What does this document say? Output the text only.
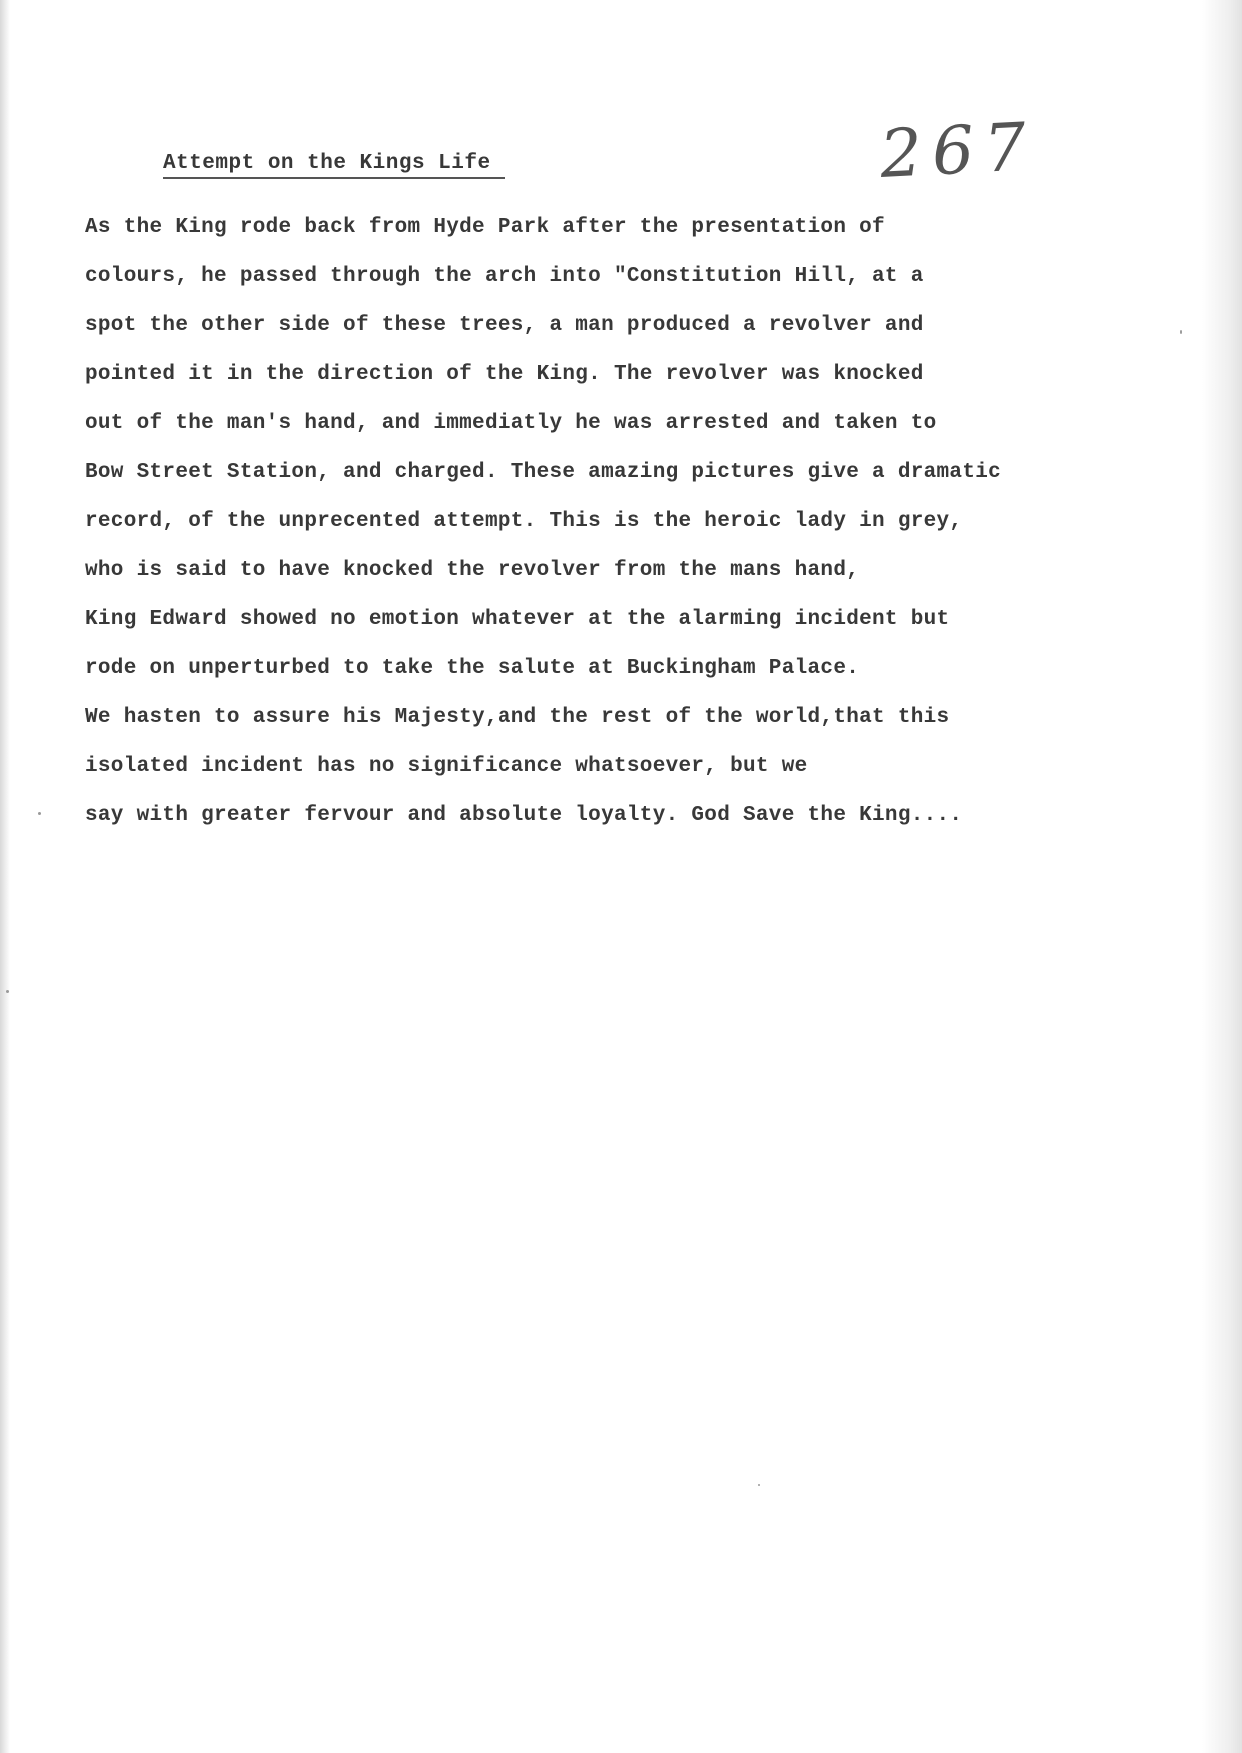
Attempt on the Kings Life	267
As the King rode back from Hyde Park after the presentation of
colours, he passed through the arch into "Constitution Hill, at a
spot the other side of these trees, a man produced a revolver and
pointed it in the direction of the King. The revolver was knocked
out of the man's hand, and immediatly he was arrested and taken to
Bow Street Station, and charged. These amazing pictures give a dramatic
record, of the unprecented attempt. This is the heroic lady in grey,
who is said to have knocked the revolver from the mans hand,
King Edward showed no emotion whatever at the alarming incident but
rode on unperturbed to take the salute at Buckingham Palace.
We hasten to assure his Majesty,and the rest of the world,that this
isolated incident has no significance whatsoever, but we
say with greater fervour and absolute loyalty. God Save the King....
